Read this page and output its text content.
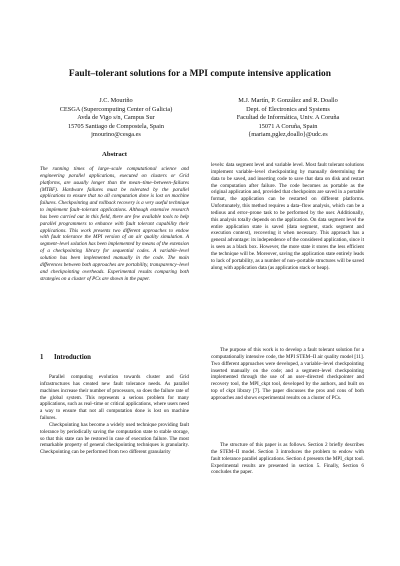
Fault–tolerant solutions for a MPI compute intensive application
J.C. Mouriño
CESGA (Supercomputing Center of Galicia)
Avda de Vigo s/n, Campus Sur
15705 Santiago de Compostela, Spain
jmourino@cesga.es
M.J. Martín, P. González and R. Doallo
Dept. of Electronics and Systems
Facultad de Informática, Univ. A Coruña
15071 A Coruña, Spain
{mariam,pglez,doallo}@udc.es
Abstract
The running times of large–scale computational science and engineering parallel applications, executed on clusters or Grid platforms, are usually longer than the mean–time–between–failures (MTBF). Hardware failures must be tolerated by the parallel applications to ensure that no all computation done is lost on machine failures. Checkpointing and rollback recovery is a very useful technique to implement fault–tolerant applications. Although extensive research has been carried out in this field, there are few available tools to help parallel programmers to enhance with fault tolerant capability their applications. This work presents two different approaches to endow with fault tolerance the MPI version of an air quality simulation. A segment–level solution has been implemented by means of the extension of a checkpointing library for sequential codes. A variable–level solution has been implemented manually in the code. The main differences between both approaches are portability, transparency–level and checkpointing overheads. Experimental results comparing both strategies on a cluster of PCs are shown in the paper.
1 Introduction

Parallel computing evolution towards cluster and Grid infrastructures has created new fault tolerance needs. As parallel machines increase their number of processors, so does the failure rate of the global system. This represents a serious problem for many applications, such as real–time or critical applications, where users need a way to ensure that not all computation done is lost on machine failures.

Checkpointing has become a widely used technique providing fault tolerance by periodically saving the computation state to stable storage, so that this state can be restored in case of execution failure. The most remarkable property of general checkpointing techniques is granularity. Checkpointing can be performed from two different granularity

levels: data segment level and variable level. Most fault tolerant solutions implement variable–level checkpointing by manually determining the data to be saved, and inserting code to save that data on disk and restart the computation after failure. The code becomes as portable as the original application and, provided that checkpoints are saved in a portable format, the application can be restarted on different platforms. Unfortunately, this method requires a data–flow analysis, which can be a tedious and error–prone task to be performed by the user. Additionally, this analysis totally depends on the application. On data segment level the entire application state is saved (data segment, stack segment and execution context), recovering it when necessary. This approach has a general advantage: its independence of the considered application, since it is seen as a black box. However, the more state it stores the less efficient the technique will be. Moreover, saving the application state entirely leads to lack of portability, as a number of non–portable structures will be saved along with application data (as application stack or heap).

The purpose of this work is to develop a fault tolerant solution for a computationally intensive code, the MPI STEM–II air quality model [11]. Two different approaches were developed, a variable–level checkpointing inserted manually on the code; and a segment–level checkpointing implemented through the use of an user–directed checkpointer and recovery tool, the MPI_ckpt tool, developed by the authors, and built on top of ckpt library [7]. The paper discusses the pros and cons of both approaches and shows experimental results on a cluster of PCs.

The structure of this paper is as follows. Section 2 briefly describes the STEM–II model. Section 3 introduces the problem to endow with fault tolerance parallel applications. Section 4 presents the MPI_ckpt tool. Experimental results are presented in section 5. Finally, Section 6 concludes the paper.
